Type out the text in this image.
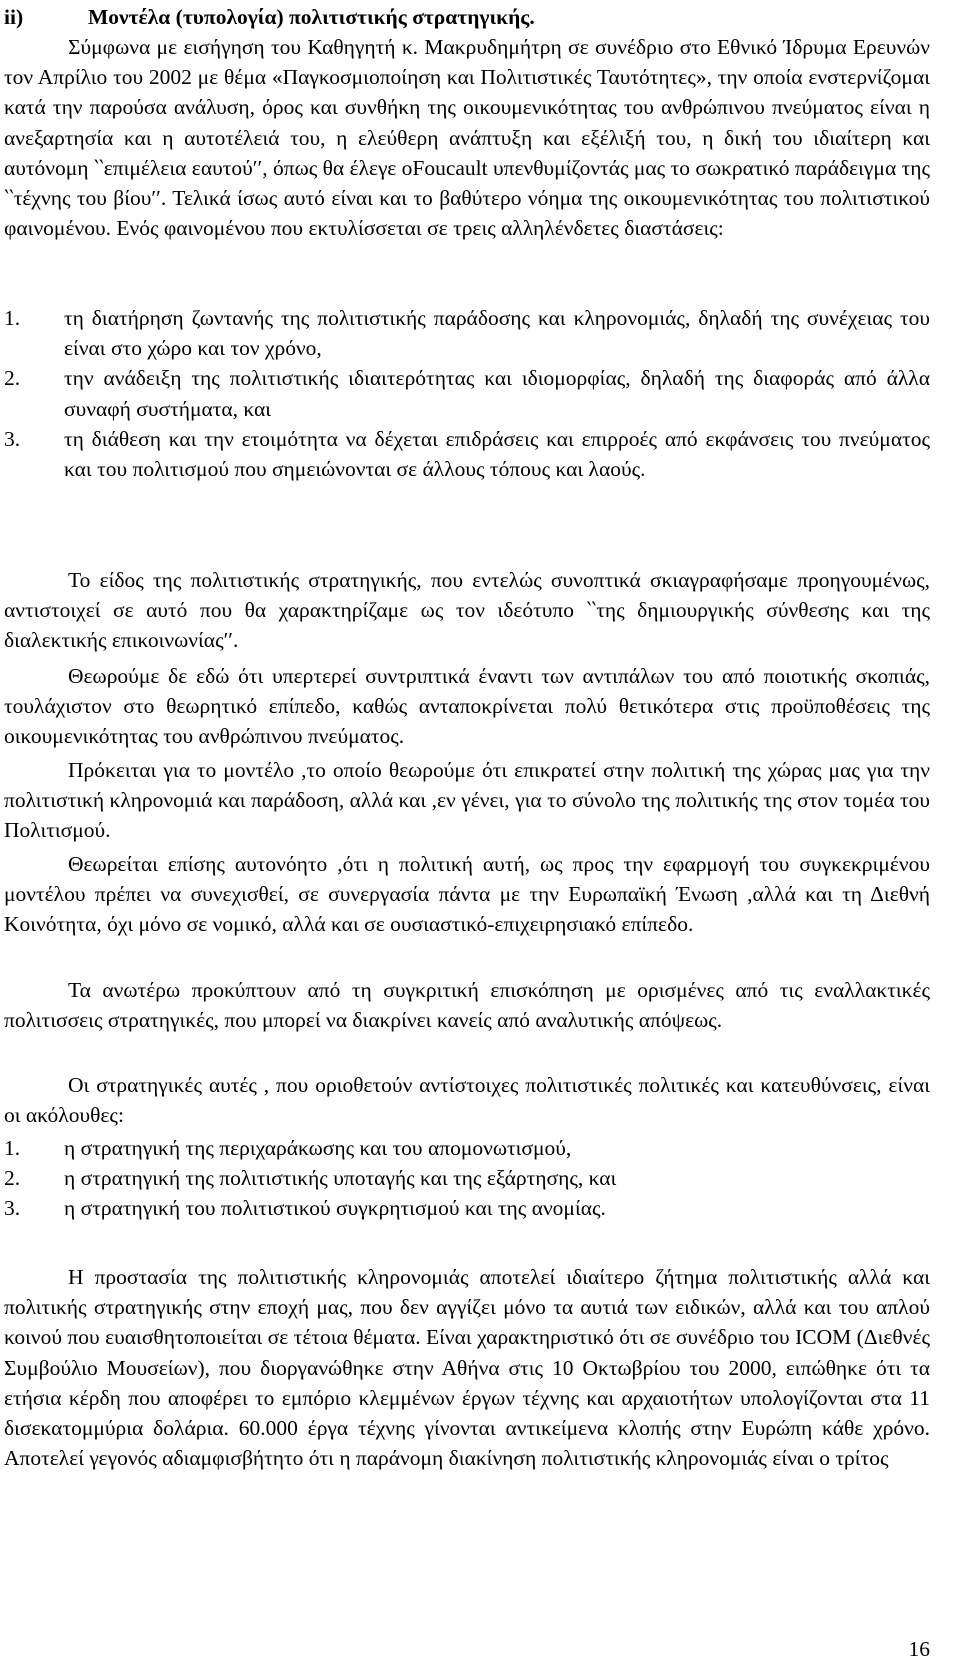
ii)	Μοντέλα (τυπολογία) πολιτιστικής στρατηγικής.
Σύμφωνα με εισήγηση του Καθηγητή κ. Μακρυδημήτρη σε συνέδριο στο Εθνικό Ίδρυμα Ερευνών τον Απρίλιο του 2002 με θέμα «Παγκοσμιοποίηση και Πολιτιστικές Ταυτότητες», την οποία ενστερνίζομαι κατά την παρούσα ανάλυση, όρος και συνθήκη της οικουμενικότητας του ανθρώπινου πνεύματος είναι η ανεξαρτησία και η αυτοτέλειά του, η ελεύθερη ανάπτυξη και εξέλιξή του, η δική του ιδιαίτερη και αυτόνομη ‵‵επιμέλεια εαυτού′′, όπως θα έλεγε οFoucault υπενθυμίζοντάς μας το σωκρατικό παράδειγμα της ‵‵τέχνης του βίου′′. Τελικά ίσως αυτό είναι και το βαθύτερο νόημα της οικουμενικότητας του πολιτιστικού φαινομένου. Ενός φαινομένου που εκτυλίσσεται σε τρεις αλληλένδετες διαστάσεις:
1.	τη διατήρηση ζωντανής της πολιτιστικής παράδοσης και κληρονομιάς, δηλαδή της συνέχειας του είναι στο χώρο και τον χρόνο,
2.	την ανάδειξη της πολιτιστικής ιδιαιτερότητας και ιδιομορφίας, δηλαδή της διαφοράς από άλλα συναφή συστήματα, και
3.	τη διάθεση και την ετοιμότητα να δέχεται επιδράσεις και επιρροές από εκφάνσεις του πνεύματος και του πολιτισμού που σημειώνονται σε άλλους τόπους και λαούς.
Το είδος της πολιτιστικής στρατηγικής, που εντελώς συνοπτικά σκιαγραφήσαμε προηγουμένως, αντιστοιχεί σε αυτό που θα χαρακτηρίζαμε ως τον ιδεότυπο ‵‵της δημιουργικής σύνθεσης και της διαλεκτικής επικοινωνίας′′.
Θεωρούμε δε εδώ ότι υπερτερεί συντριπτικά έναντι των αντιπάλων του από ποιοτικής σκοπιάς, τουλάχιστον στο θεωρητικό επίπεδο, καθώς ανταποκρίνεται πολύ θετικότερα στις προϋποθέσεις της οικουμενικότητας του ανθρώπινου πνεύματος.
Πρόκειται για το μοντέλο ,το οποίο θεωρούμε ότι επικρατεί στην πολιτική της χώρας μας για την πολιτιστική κληρονομιά και παράδοση, αλλά και ,εν γένει, για το σύνολο της πολιτικής της στον τομέα του Πολιτισμού.
Θεωρείται επίσης αυτονόητο ,ότι η πολιτική αυτή, ως προς την εφαρμογή του συγκεκριμένου μοντέλου πρέπει να συνεχισθεί, σε συνεργασία πάντα με την Ευρωπαϊκή Ένωση ,αλλά και τη Διεθνή Κοινότητα, όχι μόνο σε νομικό, αλλά και σε ουσιαστικό-επιχειρησιακό επίπεδο.
Τα ανωτέρω προκύπτουν από τη συγκριτική επισκόπηση με ορισμένες από τις εναλλακτικές πολιτισσεις στρατηγικές, που μπορεί να διακρίνει κανείς από αναλυτικής απόψεως.
Οι στρατηγικές αυτές , που οριοθετούν αντίστοιχες πολιτιστικές πολιτικές και κατευθύνσεις, είναι οι ακόλουθες:
1.	η στρατηγική της περιχαράκωσης και του απομονωτισμού,
2.	η στρατηγική της πολιτιστικής υποταγής και της εξάρτησης, και
3.	η στρατηγική του πολιτιστικού συγκρητισμού και της ανομίας.
Η προστασία της πολιτιστικής κληρονομιάς αποτελεί ιδιαίτερο ζήτημα πολιτιστικής αλλά και πολιτικής στρατηγικής στην εποχή μας, που δεν αγγίζει μόνο τα αυτιά των ειδικών, αλλά και του απλού κοινού που ευαισθητοποιείται σε τέτοια θέματα. Είναι χαρακτηριστικό ότι σε συνέδριο του ICOM (Διεθνές Συμβούλιο Μουσείων), που διοργανώθηκε στην Αθήνα στις 10 Οκτωβρίου του 2000, ειπώθηκε ότι τα ετήσια κέρδη που αποφέρει το εμπόριο κλεμμένων έργων τέχνης και αρχαιοτήτων υπολογίζονται στα 11 δισεκατομμύρια δολάρια. 60.000 έργα τέχνης γίνονται αντικείμενα κλοπής στην Ευρώπη κάθε χρόνο. Αποτελεί γεγονός αδιαμφισβήτητο ότι η παράνομη διακίνηση πολιτιστικής κληρονομιάς είναι ο τρίτος
16
